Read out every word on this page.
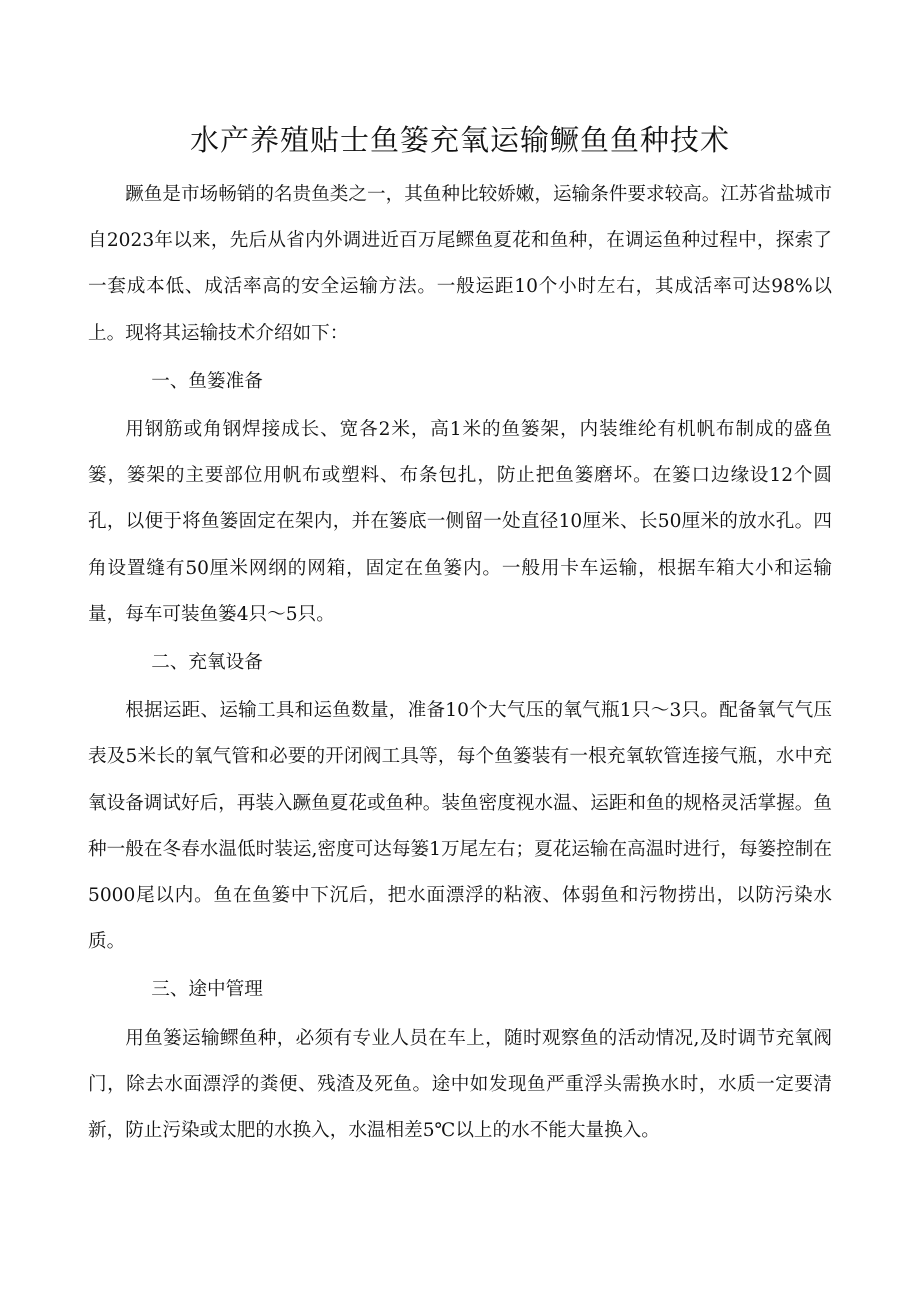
水产养殖贴士鱼篓充氧运输鳜鱼鱼种技术

蹶鱼是市场畅销的名贵鱼类之一，其鱼种比较娇嫩，运输条件要求较高。江苏省盐城市自2023年以来，先后从省内外调进近百万尾鳏鱼夏花和鱼种，在调运鱼种过程中，探索了一套成本低、成活率高的安全运输方法。一般运距10个小时左右，其成活率可达98%以上。现将其运输技术介绍如下：

一、鱼篓准备

用钢筋或角钢焊接成长、宽各2米，高1米的鱼篓架，内装维纶有机帆布制成的盛鱼篓，篓架的主要部位用帆布或塑料、布条包扎，防止把鱼篓磨坏。在篓口边缘设12个圆孔，以便于将鱼篓固定在架内，并在篓底一侧留一处直径10厘米、长50厘米的放水孔。四角设置缝有50厘米网纲的网箱，固定在鱼篓内。一般用卡车运输，根据车箱大小和运输量，每车可装鱼篓4只～5只。

二、充氧设备

根据运距、运输工具和运鱼数量，准备10个大气压的氧气瓶1只～3只。配备氧气气压表及5米长的氧气管和必要的开闭阀工具等，每个鱼篓装有一根充氧软管连接气瓶，水中充氧设备调试好后，再装入蹶鱼夏花或鱼种。装鱼密度视水温、运距和鱼的规格灵活掌握。鱼种一般在冬春水温低时装运,密度可达每篓1万尾左右；夏花运输在高温时进行，每篓控制在5000尾以内。鱼在鱼篓中下沉后，把水面漂浮的粘液、体弱鱼和污物捞出，以防污染水质。

三、途中管理

用鱼篓运输鳏鱼种，必须有专业人员在车上，随时观察鱼的活动情况,及时调节充氧阀门，除去水面漂浮的粪便、残渣及死鱼。途中如发现鱼严重浮头需换水时，水质一定要清新，防止污染或太肥的水换入，水温相差5℃以上的水不能大量换入。
